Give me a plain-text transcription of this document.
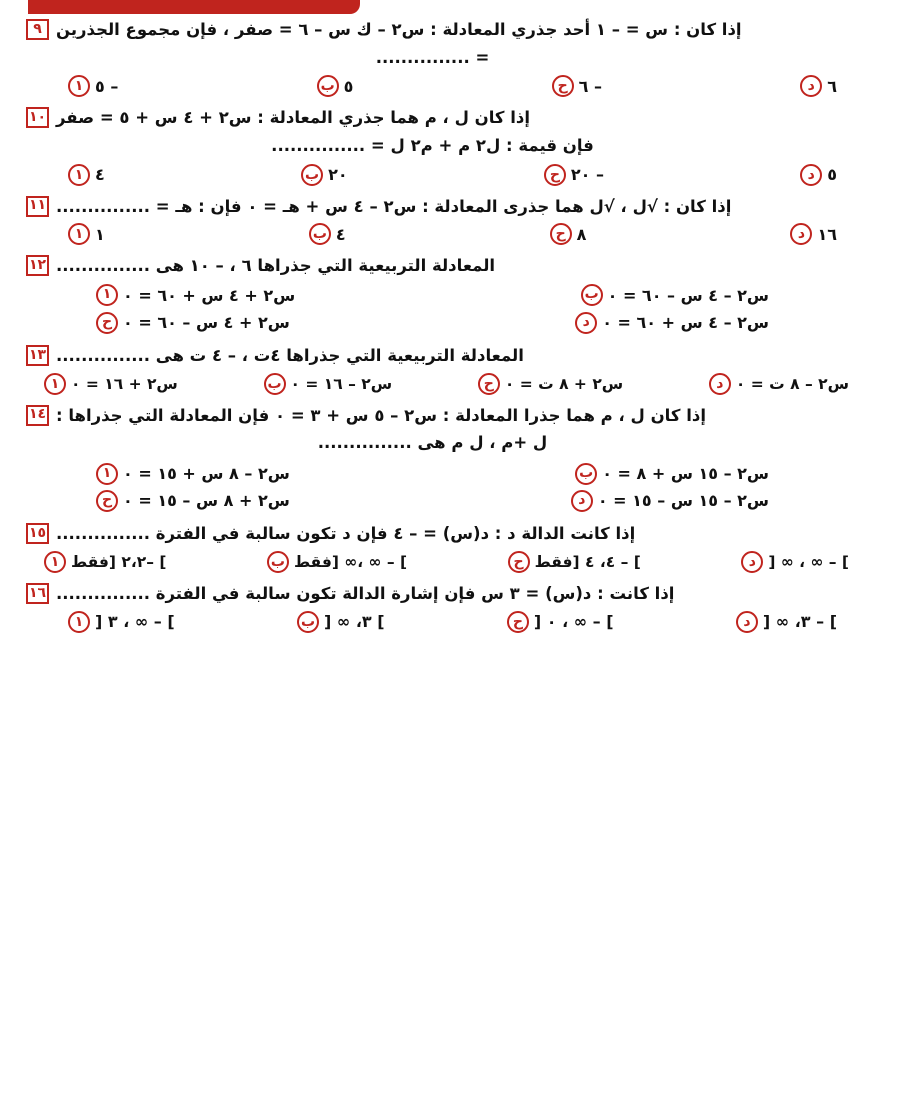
٩ إذا كان : س = – ١ أحد جذري المعادلة : س٢ – ك س – ٦ = صفر ، فإن مجموع الجذرين
= ...............
١ – ٥	ب ٥	ح – ٦	د ٦
١٠ إذا كان ل ، م هما جذري المعادلة : س٢ + ٤ س + ٥ = صفر
فإن قيمة : ل٢ م + م٢ ل = ...............
١ ٤	ب ٢٠	ح – ٢٠	د ٥
١١ إذا كان : √ل ، √ل هما جذرى المعادلة : س٢ – ٤ س + هـ = ٠ فإن : هـ = ...............
١ ١	ب ٤	ح ٨	د ١٦
١٢ المعادلة التربيعية التي جذراها ٦ ، – ١٠ هى ...............
١ س٢ + ٤ س + ٦٠ = ٠	ب س٢ – ٤ س – ٦٠ = ٠
ح س٢ + ٤ س – ٦٠ = ٠	د س٢ – ٤ س + ٦٠ = ٠
١٣ المعادلة التربيعية التي جذراها ٤ت ، – ٤ ت هى ...............
١ س٢ + ١٦ = ٠	ب س٢ – ١٦ = ٠	ح س٢ + ٨ ت = ٠	د س٢ – ٨ ت = ٠
١٤ إذا كان ل ، م هما جذرا المعادلة : س٢ – ٥ س + ٣ = ٠ فإن المعادلة التي جذراها :
ل +م ، ل م هى ...............
١ س٢ – ٨ س + ١٥ = ٠	ب س٢ – ١٥ س + ٨ = ٠
ح س٢ + ٨ س – ١٥ = ٠	د س٢ – ١٥ س – ١٥ = ٠
١٥ إذا كانت الدالة د : د(س) = – ٤ فإن د تكون سالبة في الفترة ...............
١ ] –٢،٢ [فقط	ب ] – ∞ ،∞ [فقط	ح ] – ٤، ٤ [فقط	د ] – ∞ ، ∞ [
١٦ إذا كانت : د(س) = ٣ س فإن إشارة الدالة تكون سالبة في الفترة ...............
١ ] – ∞ ، ٣ [	ب ] ٣، ∞ [	ح ] – ∞ ، ٠ [	د ] – ٣، ∞ [
